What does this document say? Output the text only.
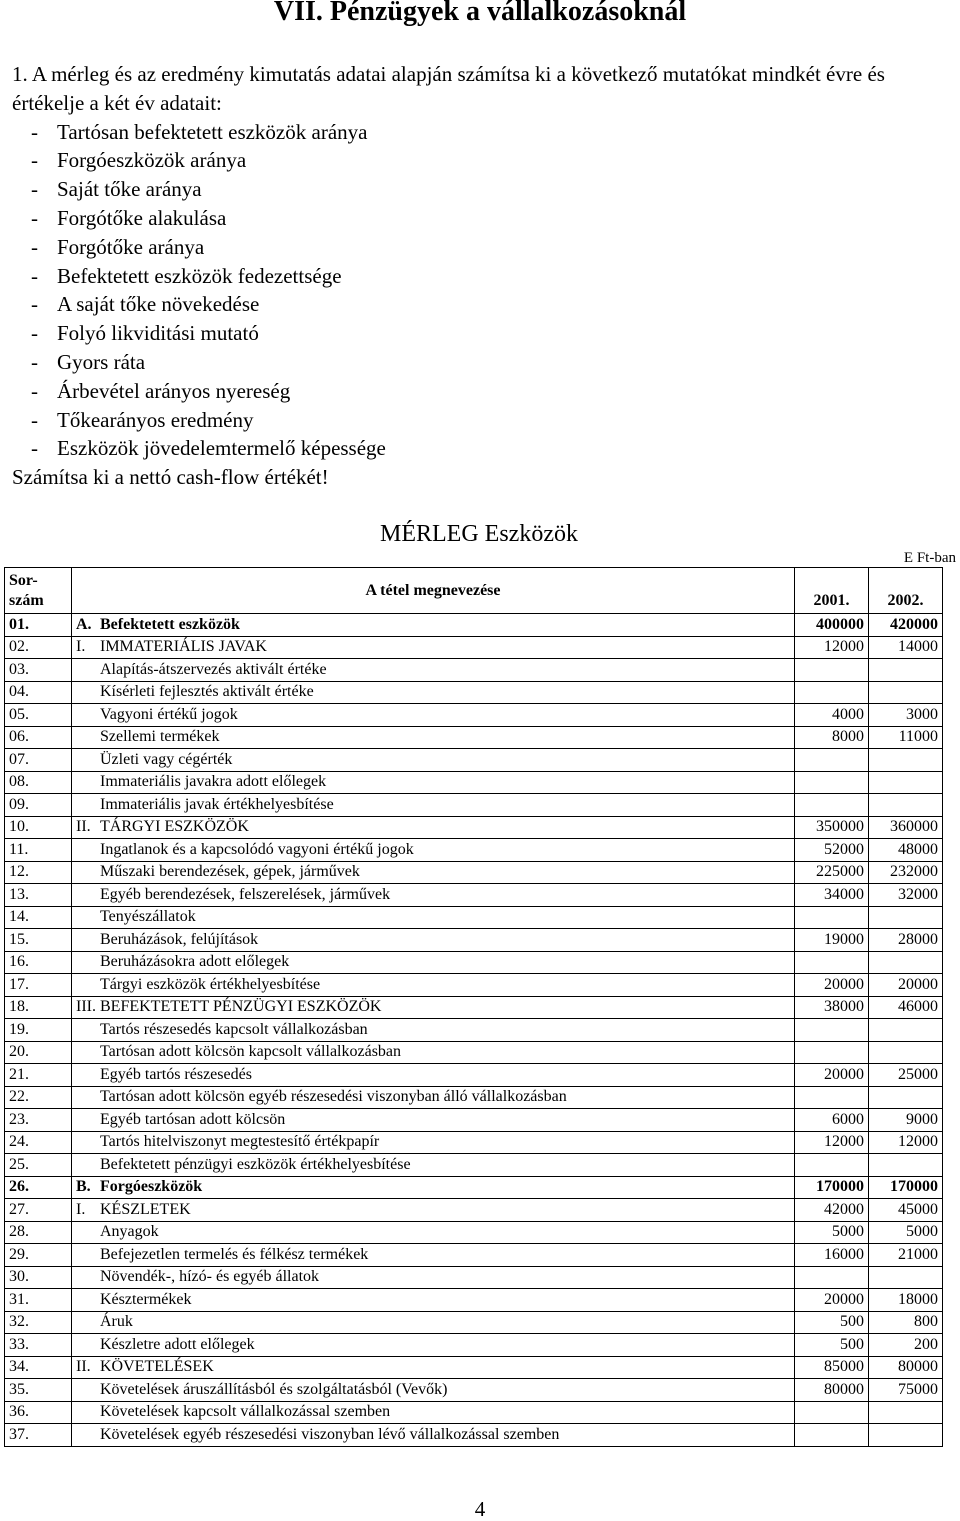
VII. Pénzügyek a vállalkozásoknál

1. A mérleg és az eredmény kimutatás adatai alapján számítsa ki a következő mutatókat mindkét évre és értékelje a két év adatait:

- Tartósan befektetett eszközök aránya
- Forgóeszközök aránya
- Saját tőke aránya
- Forgótőke alakulása
- Forgótőke aránya
- Befektetett eszközök fedezettsége
- A saját tőke növekedése
- Folyó likviditási mutató
- Gyors ráta
- Árbevétel arányos nyereség
- Tőkearányos eredmény
- Eszközök jövedelemtermelő képessége

Számítsa ki a nettó cash-flow értékét!

MÉRLEG Eszközök
E Ft-ban
Sor-
szám	A tétel megnevezése	2001.	2002.
01.	A. Befektetett eszközök	400000	420000
02.	I. IMMATERIÁLIS JAVAK	12000	14000
03.	Alapítás-átszervezés aktivált értéke		
04.	Kísérleti fejlesztés aktivált értéke		
05.	Vagyoni értékű jogok	4000	3000
06.	Szellemi termékek	8000	11000
07.	Üzleti vagy cégérték		
08.	Immateriális javakra adott előlegek		
09.	Immateriális javak értékhelyesbítése		
10.	II. TÁRGYI ESZKÖZÖK	350000	360000
11.	Ingatlanok és a kapcsolódó vagyoni értékű jogok	52000	48000
12.	Műszaki berendezések, gépek, járművek	225000	232000
13.	Egyéb berendezések, felszerelések, járművek	34000	32000
14.	Tenyészállatok		
15.	Beruházások, felújítások	19000	28000
16.	Beruházásokra adott előlegek		
17.	Tárgyi eszközök értékhelyesbítése	20000	20000
18.	III. BEFEKTETETT PÉNZÜGYI ESZKÖZÖK	38000	46000
19.	Tartós részesedés kapcsolt vállalkozásban		
20.	Tartósan adott kölcsön kapcsolt vállalkozásban		
21.	Egyéb tartós részesedés	20000	25000
22.	Tartósan adott kölcsön egyéb részesedési viszonyban álló vállalkozásban		
23.	Egyéb tartósan adott kölcsön	6000	9000
24.	Tartós hitelviszonyt megtestesítő értékpapír	12000	12000
25.	Befektetett pénzügyi eszközök értékhelyesbítése		
26.	B. Forgóeszközök	170000	170000
27.	I. KÉSZLETEK	42000	45000
28.	Anyagok	5000	5000
29.	Befejezetlen termelés és félkész termékek	16000	21000
30.	Növendék-, hízó- és egyéb állatok		
31.	Késztermékek	20000	18000
32.	Áruk	500	800
33.	Készletre adott előlegek	500	200
34.	II. KÖVETELÉSEK	85000	80000
35.	Követelések áruszállításból és szolgáltatásból (Vevők)	80000	75000
36.	Követelések kapcsolt vállalkozással szemben		
37.	Követelések egyéb részesedési viszonyban lévő vállalkozással szemben		
4
